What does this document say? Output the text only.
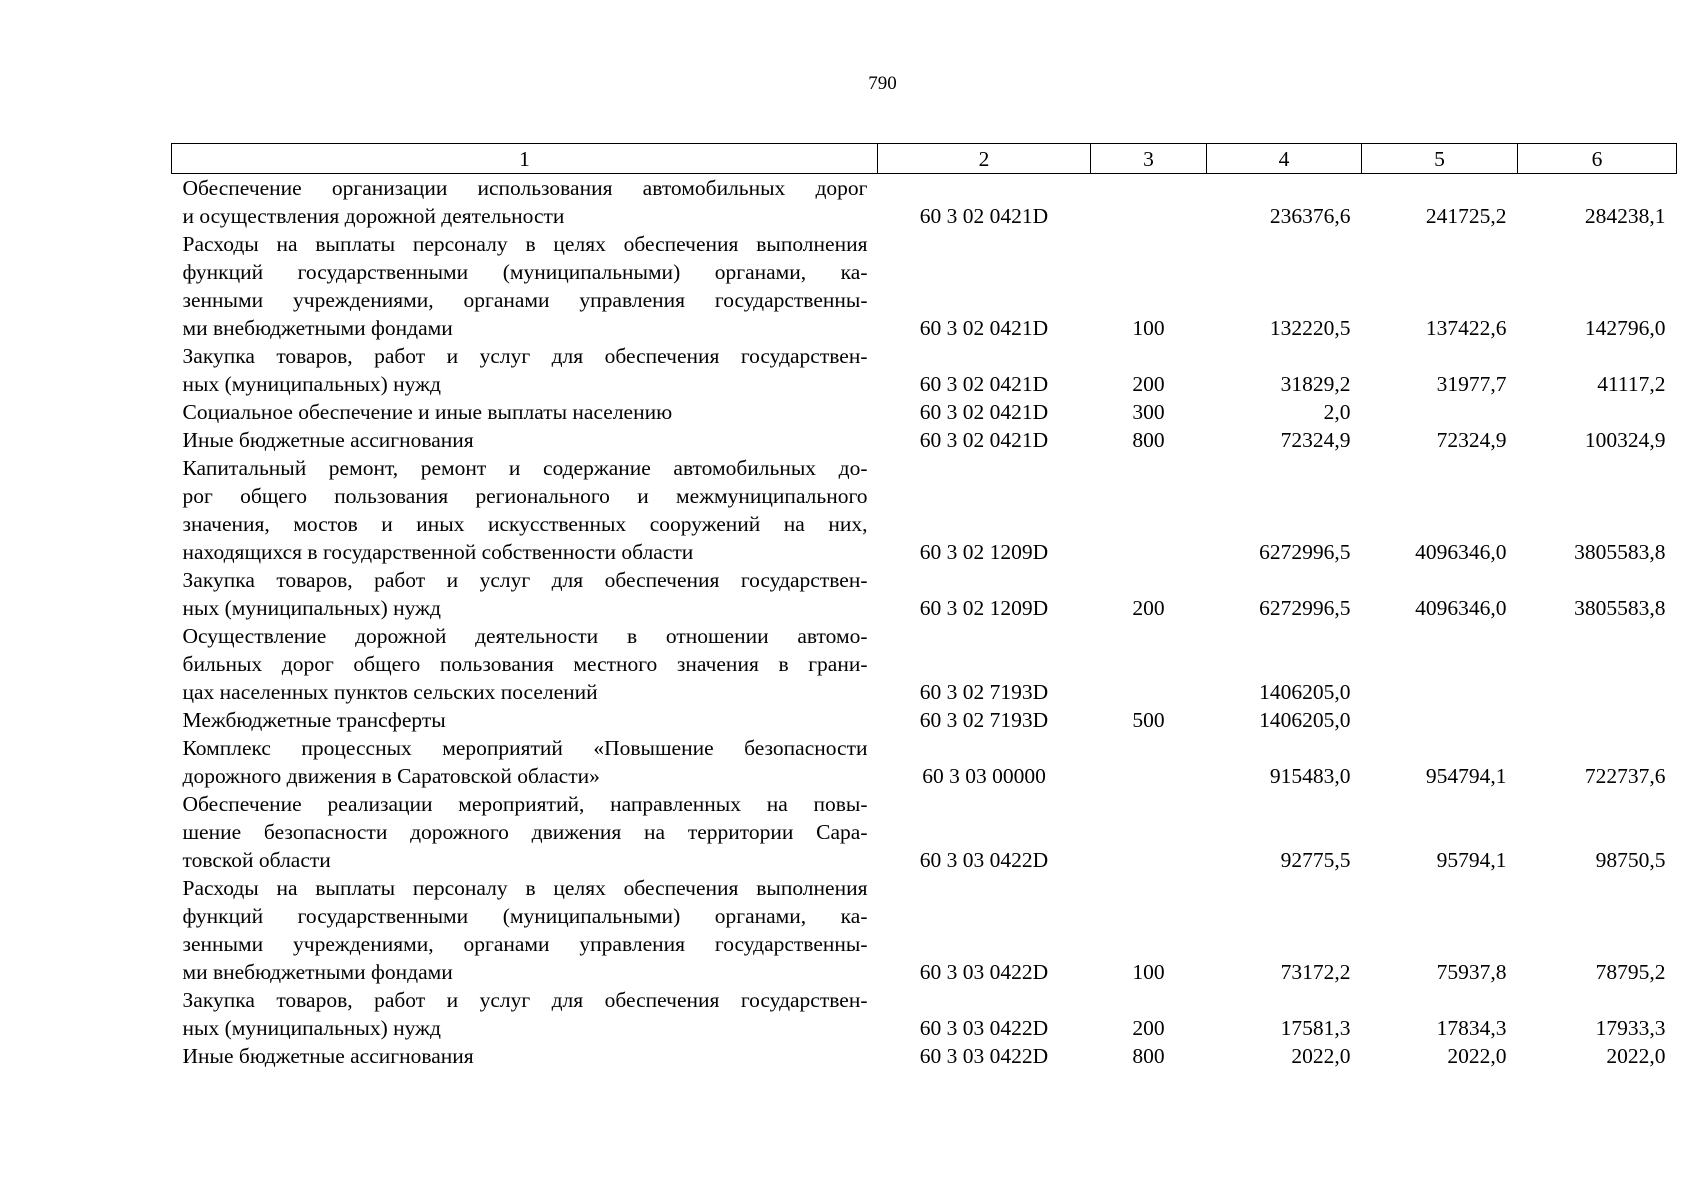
790
1	2	3	4	5	6

Обеспечение организации использования автомобильных дорог
и осуществления дорожной деятельности	60 3 02 0421D		236376,6	241725,2	284238,1

Расходы на выплаты персоналу в целях обеспечения выполнения
функций государственными (муниципальными) органами, ка-
зенными учреждениями, органами управления государственны-
ми внебюджетными фондами	60 3 02 0421D	100	132220,5	137422,6	142796,0

Закупка товаров, работ и услуг для обеспечения государствен-
ных (муниципальных) нужд	60 3 02 0421D	200	31829,2	31977,7	41117,2

Социальное обеспечение и иные выплаты населению	60 3 02 0421D	300	2,0		

Иные бюджетные ассигнования	60 3 02 0421D	800	72324,9	72324,9	100324,9

Капитальный ремонт, ремонт и содержание автомобильных до-
рог общего пользования регионального и межмуниципального
значения, мостов и иных искусственных сооружений на них,
находящихся в государственной собственности области	60 3 02 1209D		6272996,5	4096346,0	3805583,8

Закупка товаров, работ и услуг для обеспечения государствен-
ных (муниципальных) нужд	60 3 02 1209D	200	6272996,5	4096346,0	3805583,8

Осуществление дорожной деятельности в отношении автомо-
бильных дорог общего пользования местного значения в грани-
цах населенных пунктов сельских поселений	60 3 02 7193D		1406205,0		

Межбюджетные трансферты	60 3 02 7193D	500	1406205,0		

Комплекс процессных мероприятий «Повышение безопасности
дорожного движения в Саратовской области»	60 3 03 00000		915483,0	954794,1	722737,6

Обеспечение реализации мероприятий, направленных на повы-
шение безопасности дорожного движения на территории Сара-
товской области	60 3 03 0422D		92775,5	95794,1	98750,5

Расходы на выплаты персоналу в целях обеспечения выполнения
функций государственными (муниципальными) органами, ка-
зенными учреждениями, органами управления государственны-
ми внебюджетными фондами	60 3 03 0422D	100	73172,2	75937,8	78795,2

Закупка товаров, работ и услуг для обеспечения государствен-
ных (муниципальных) нужд	60 3 03 0422D	200	17581,3	17834,3	17933,3

Иные бюджетные ассигнования	60 3 03 0422D	800	2022,0	2022,0	2022,0
